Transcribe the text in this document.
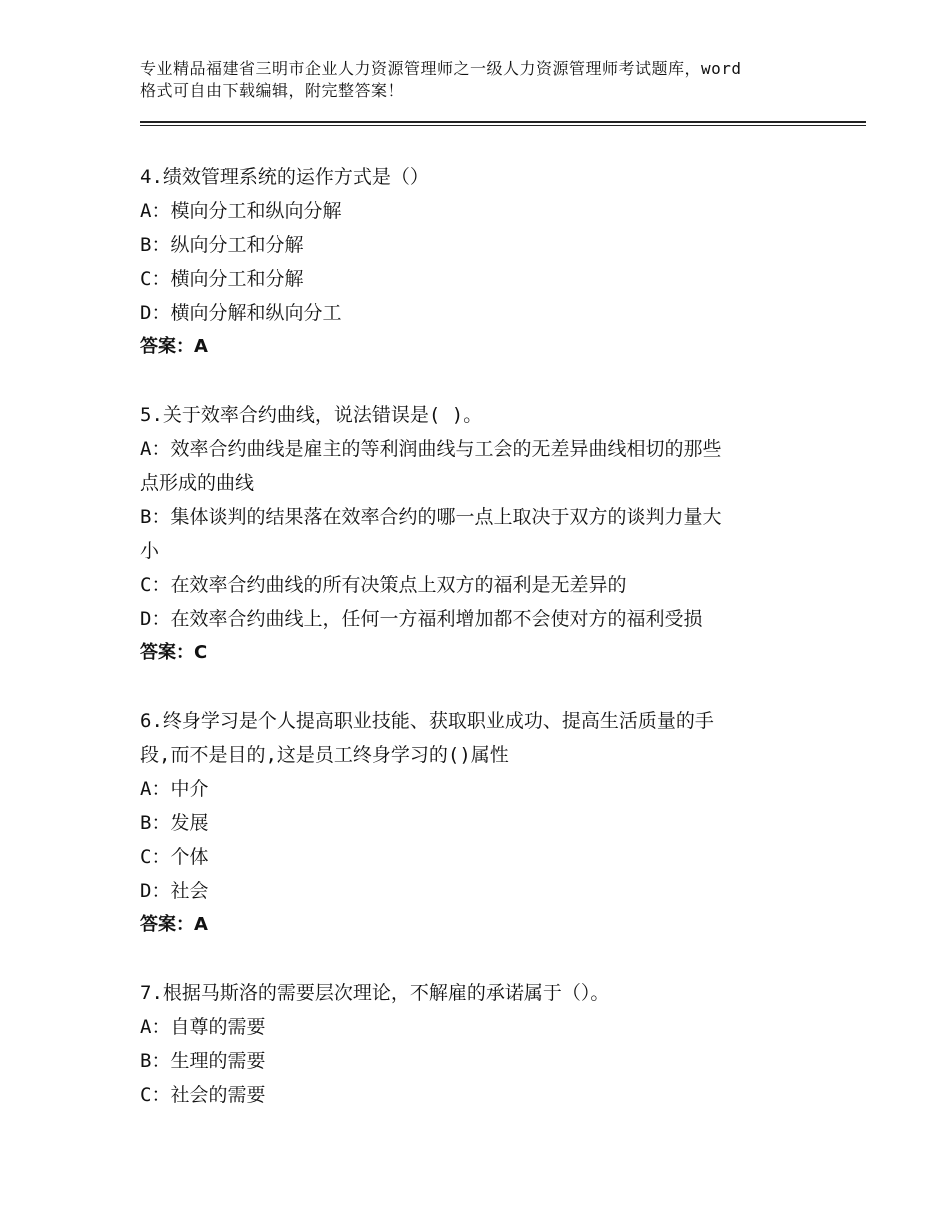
专业精品福建省三明市企业人力资源管理师之一级人力资源管理师考试题库，word
格式可自由下载编辑，附完整答案！
4.绩效管理系统的运作方式是（）
A：模向分工和纵向分解
B：纵向分工和分解
C：横向分工和分解
D：横向分解和纵向分工
答案：A
5.关于效率合约曲线，说法错误是( )。
A：效率合约曲线是雇主的等利润曲线与工会的无差异曲线相切的那些
点形成的曲线
B：集体谈判的结果落在效率合约的哪一点上取决于双方的谈判力量大
小
C：在效率合约曲线的所有决策点上双方的福利是无差异的
D：在效率合约曲线上，任何一方福利增加都不会使对方的福利受损
答案：C
6.终身学习是个人提高职业技能、获取职业成功、提高生活质量的手
段,而不是目的,这是员工终身学习的()属性
A：中介
B：发展
C：个体
D：社会
答案：A
7.根据马斯洛的需要层次理论，不解雇的承诺属于（）。
A：自尊的需要
B：生理的需要
C：社会的需要
